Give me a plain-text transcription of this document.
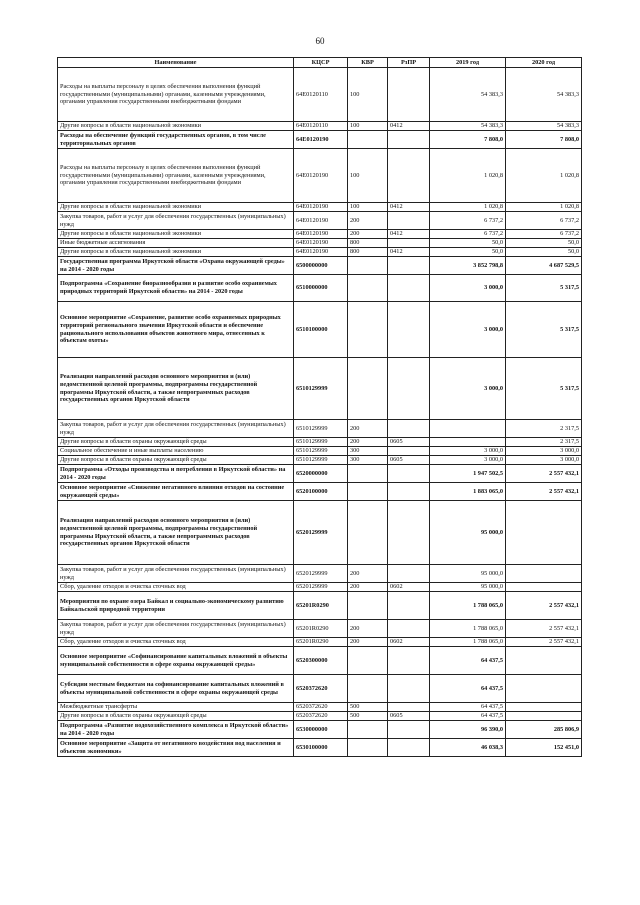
60
Наименование	КЦСР	КВР	РзПР	2019 год	2020 год
Расходы на выплаты персоналу в целях обеспечения выполнения функций государственными (муниципальными) органами, казенными учреждениями, органами управления государственными внебюджетными фондами	64Е0120110	100		54 383,3	54 383,3
Другие вопросы в области национальной экономики	64Е0120110	100	0412	54 383,3	54 383,3
Расходы на обеспечение функций государственных органов, в том числе территориальных органов	64Е0120190			7 808,0	7 808,0
Расходы на выплаты персоналу в целях обеспечения выполнения функций государственными (муниципальными) органами, казенными учреждениями, органами управления государственными внебюджетными фондами	64Е0120190	100		1 020,8	1 020,8
Другие вопросы в области национальной экономики	64Е0120190	100	0412	1 020,8	1 020,8
Закупка товаров, работ и услуг для обеспечения государственных (муниципальных) нужд	64Е0120190	200		6 737,2	6 737,2
Другие вопросы в области национальной экономики	64Е0120190	200	0412	6 737,2	6 737,2
Иные бюджетные ассигнования	64Е0120190	800		50,0	50,0
Другие вопросы в области национальной экономики	64Е0120190	800	0412	50,0	50,0
Государственная программа Иркутской области «Охрана окружающей среды» на 2014 - 2020 годы	6500000000			3 852 798,8	4 687 529,5
Подпрограмма «Сохранение биоразнообразия и развитие особо охраняемых природных территорий Иркутской области» на 2014 - 2020 годы	6510000000			3 000,0	5 317,5
Основное мероприятие «Сохранение, развитие особо охраняемых природных территорий регионального значения Иркутской области и обеспечение рационального использования объектов животного мира, отнесенных к объектам охоты»	6510100000			3 000,0	5 317,5
Реализация направлений расходов основного мероприятия и (или) ведомственной целевой программы, подпрограммы государственной программы Иркутской области, а также непрограммных расходов государственных органов Иркутской области	6510129999			3 000,0	5 317,5
Закупка товаров, работ и услуг для обеспечения государственных (муниципальных) нужд	6510129999	200			2 317,5
Другие вопросы в области охраны окружающей среды	6510129999	200	0605		2 317,5
Социальное обеспечение и иные выплаты населению	6510129999	300		3 000,0	3 000,0
Другие вопросы в области охраны окружающей среды	6510129999	300	0605	3 000,0	3 000,0
Подпрограмма «Отходы производства и потребления в Иркутской области» на 2014 - 2020 годы	6520000000			1 947 502,5	2 557 432,1
Основное мероприятие «Снижение негативного влияния отходов на состояние окружающей среды»	6520100000			1 883 065,0	2 557 432,1
Реализация направлений расходов основного мероприятия и (или) ведомственной целевой программы, подпрограммы государственной программы Иркутской области, а также непрограммных расходов государственных органов Иркутской области	6520129999			95 000,0	
Закупка товаров, работ и услуг для обеспечения государственных (муниципальных) нужд	6520129999	200		95 000,0	
Сбор, удаление отходов и очистка сточных вод	6520129999	200	0602	95 000,0	
Мероприятия по охране озера Байкал и социально-экономическому развитию Байкальской природной территории	65201R0290			1 788 065,0	2 557 432,1
Закупка товаров, работ и услуг для обеспечения государственных (муниципальных) нужд	65201R0290	200		1 788 065,0	2 557 432,1
Сбор, удаление отходов и очистка сточных вод	65201R0290	200	0602	1 788 065,0	2 557 432,1
Основное мероприятие «Софинансирование капитальных вложений в объекты муниципальной собственности в сфере охраны окружающей среды»	6520300000			64 437,5	
Субсидии местным бюджетам на софинансирование капитальных вложений в объекты муниципальной собственности в сфере охраны окружающей среды	6520372620			64 437,5	
Межбюджетные трансферты	6520372620	500		64 437,5	
Другие вопросы в области охраны окружающей среды	6520372620	500	0605	64 437,5	
Подпрограмма «Развитие водохозяйственного комплекса в Иркутской области» на 2014 - 2020 годы	6530000000			96 390,0	285 806,9
Основное мероприятие «Защита от негативного воздействия вод населения и объектов экономики»	6530100000			46 038,3	152 451,0
